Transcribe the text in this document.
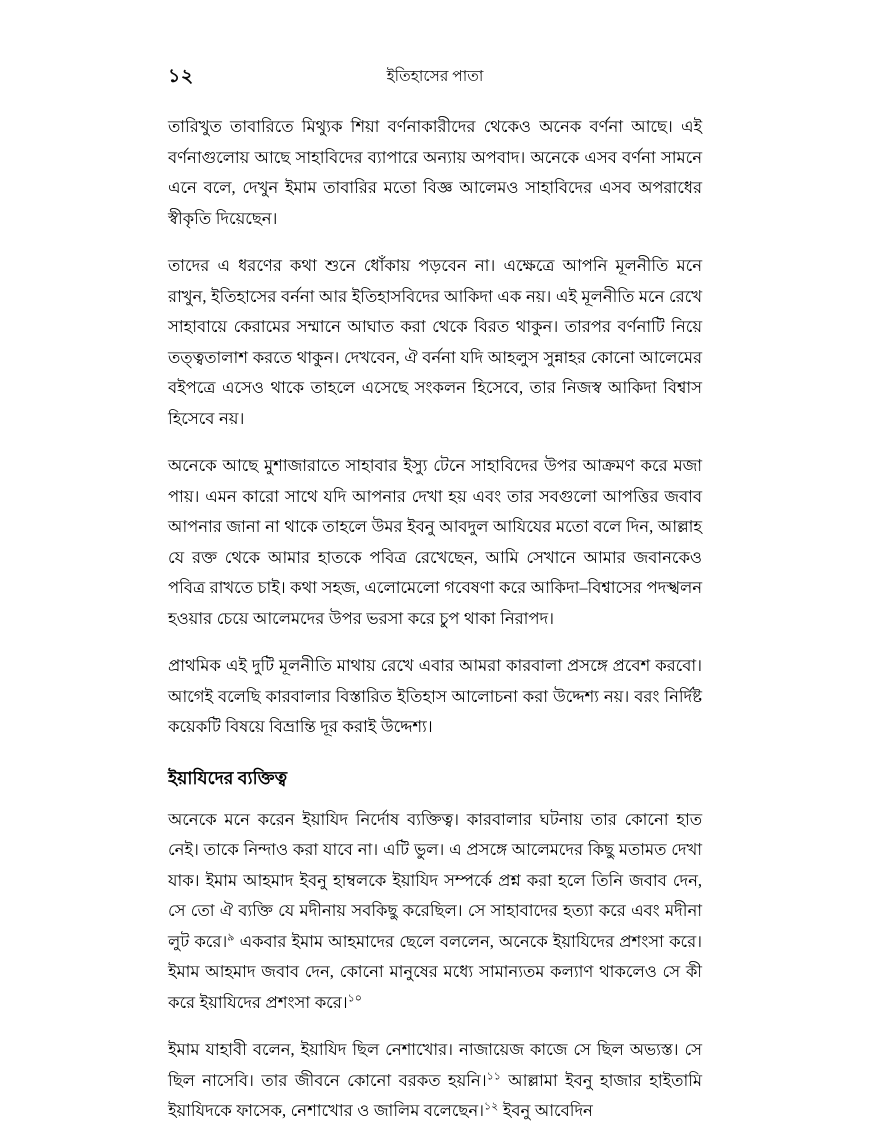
১২	ইতিহাসের পাতা

তারিখুত তাবারিতে মিথ্যুক শিয়া বর্ণনাকারীদের থেকেও অনেক বর্ণনা আছে। এই বর্ণনাগুলোয় আছে সাহাবিদের ব্যাপারে অন্যায় অপবাদ। অনেকে এসব বর্ণনা সামনে এনে বলে, দেখুন ইমাম তাবারির মতো বিজ্ঞ আলেমও সাহাবিদের এসব অপরাধের স্বীকৃতি দিয়েছেন।

তাদের এ ধরণের কথা শুনে ধোঁকায় পড়বেন না। এক্ষেত্রে আপনি মূলনীতি মনে রাখুন, ইতিহাসের বর্ননা আর ইতিহাসবিদের আকিদা এক নয়। এই মূলনীতি মনে রেখে সাহাবায়ে কেরামের সম্মানে আঘাত করা থেকে বিরত থাকুন। তারপর বর্ণনাটি নিয়ে তত্ত্বতালাশ করতে থাকুন। দেখবেন, ঐ বর্ননা যদি আহলুস সুন্নাহর কোনো আলেমের বইপত্রে এসেও থাকে তাহলে এসেছে সংকলন হিসেবে, তার নিজস্ব আকিদা বিশ্বাস হিসেবে নয়।

অনেকে আছে মুশাজারাতে সাহাবার ইস্যু টেনে সাহাবিদের উপর আক্রমণ করে মজা পায়। এমন কারো সাথে যদি আপনার দেখা হয় এবং তার সবগুলো আপত্তির জবাব আপনার জানা না থাকে তাহলে উমর ইবনু আবদুল আযিযের মতো বলে দিন, আল্লাহ যে রক্ত থেকে আমার হাতকে পবিত্র রেখেছেন, আমি সেখানে আমার জবানকেও পবিত্র রাখতে চাই। কথা সহজ, এলোমেলো গবেষণা করে আকিদা–বিশ্বাসের পদস্খলন হওয়ার চেয়ে আলেমদের উপর ভরসা করে চুপ থাকা নিরাপদ।

প্রাথমিক এই দুটি মূলনীতি মাথায় রেখে এবার আমরা কারবালা প্রসঙ্গে প্রবেশ করবো। আগেই বলেছি কারবালার বিস্তারিত ইতিহাস আলোচনা করা উদ্দেশ্য নয়। বরং নির্দিষ্ট কয়েকটি বিষয়ে বিভ্রান্তি দূর করাই উদ্দেশ্য।

ইয়াযিদের ব্যক্তিত্ব

অনেকে মনে করেন ইয়াযিদ নির্দোষ ব্যক্তিত্ব। কারবালার ঘটনায় তার কোনো হাত নেই। তাকে নিন্দাও করা যাবে না। এটি ভুল। এ প্রসঙ্গে আলেমদের কিছু মতামত দেখা যাক। ইমাম আহমাদ ইবনু হাম্বলকে ইয়াযিদ সম্পর্কে প্রশ্ন করা হলে তিনি জবাব দেন, সে তো ঐ ব্যক্তি যে মদীনায় সবকিছু করেছিল। সে সাহাবাদের হত্যা করে এবং মদীনা লুট করে।$^৯$ একবার ইমাম আহমাদের ছেলে বললেন, অনেকে ইয়াযিদের প্রশংসা করে। ইমাম আহমাদ জবাব দেন, কোনো মানুষের মধ্যে সামান্যতম কল্যাণ থাকলেও সে কী করে ইয়াযিদের প্রশংসা করে।$^{১০}$

ইমাম যাহাবী বলেন, ইয়াযিদ ছিল নেশাখোর। নাজায়েজ কাজে সে ছিল অভ্যস্ত। সে ছিল নাসেবি। তার জীবনে কোনো বরকত হয়নি।$^{১১}$ আল্লামা ইবনু হাজার হাইতামি ইয়াযিদকে ফাসেক, নেশাখোর ও জালিম বলেছেন।$^{১২}$ ইবনু আবেদিন
